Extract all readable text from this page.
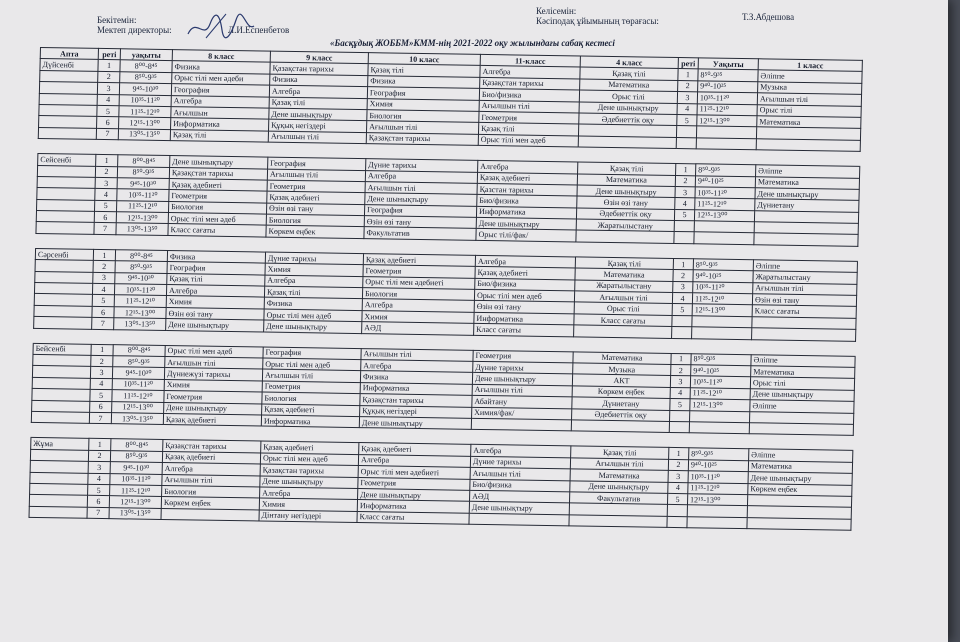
Бекітемін:
Мектеп директоры:	Л.И.Еспенбетов
Келісемін:
Кәсіподақ ұйымының төрағасы:	Т.З.Абдешова
«Басқұдық ЖОББМ»КММ-нің 2021-2022 оқу жылындағы сабақ кестесі
Апта	реті	уақыты	8 класс	9 класс	10 класс	11-класс	4 класс	реті	Уақыты	1 класс
Дүйсенбі	1	8⁰⁰-8⁴⁵	Физика	Қазақстан тарихы	Қазақ тілі	Алгебра	Қазақ тілі	1	8⁵⁰-9³⁵	Әліппе
	2	8⁵⁰-9³⁵	Орыс тілі мен әдеби	Физика	Физика	Қазақстан тарихы	Математика	2	9⁴⁰-10²⁵	Музыка
	3	9⁴⁵-10³⁰	География	Алгебра	География	Био/физика	Орыс тілі	3	10³⁵-11²⁰	Ағылшын тілі
	4	10³⁵-11²⁰	Алгебра	Қазақ тілі	Химия	Ағылшын тілі	Дене шынықтыру	4	11²⁵-12¹⁰	Орыс тілі
	5	11²⁵-12¹⁰	Ағылшын	Дене шынықтыру	Биология	Геометрия	Әдебиеттік оқу	5	12¹⁵-13⁰⁰	Математика
	6	12¹⁵-13⁰⁰	Информатика	Құқық негіздері	Ағылшын тілі	Қазақ тілі				
	7	13⁰⁵-13⁵⁰	Қазақ тілі	Ағылшын тілі	Қазақстан тарихы	Орыс тілі мен әдеб				

Сейсенбі	1	8⁰⁰-8⁴⁵	Дене шынықтыру	География	Дүние тарихы	Алгебра	Қазақ тілі	1	8⁵⁰-9³⁵	Әліппе
	2	8⁵⁰-9³⁵	Қазақстан тарихы	Ағылшын тілі	Алгебра	Қазақ әдебиеті	Математика	2	9⁴⁰-10²⁵	Математика
	3	9⁴⁵-10³⁰	Қазақ әдебиеті	Геометрия	Ағылшын тілі	Қазстан тарихы	Дене шынықтыру	3	10³⁵-11²⁰	Дене шынықтыру
	4	10³⁵-11²⁰	Геометрия	Қазақ әдебиеті	Дене шынықтыру	Био/физика	Өзін өзі тану	4	11²⁵-12¹⁰	Дүниетану
	5	11²⁵-12¹⁰	Биология	Өзін өзі тану	География	Информатика	Әдебиеттік оқу	5	12¹⁵-13⁰⁰	
	6	12¹⁵-13⁰⁰	Орыс тілі мен әдеб	Биология	Өзін өзі тану	Дене шынықтыру	Жаратылыстану			
	7	13⁰⁵-13⁵⁰	Класс сағаты	Көркем еңбек	Факультатив	Орыс тілі/фак/				

Сәрсенбі	1	8⁰⁰-8⁴⁵	Физика	Дүние тарихы	Қазақ әдебиеті	Алгебра	Қазақ тілі	1	8⁵⁰-9³⁵	Әліппе
	2	8⁵⁰-9³⁵	География	Химия	Геометрия	Қазақ әдебиеті	Математика	2	9⁴⁰-10²⁵	Жаратылыстану
	3	9⁴⁵-10³⁰	Қазақ тілі	Алгебра	Орыс тілі мен әдебиеті	Био/физика	Жаратылыстану	3	10³⁵-11²⁰	Ағылшын тілі
	4	10³⁵-11²⁰	Алгебра	Қазақ тілі	Биология	Орыс тілі мен әдеб	Ағылшын тілі	4	11²⁵-12¹⁰	Өзін өзі тану
	5	11²⁵-12¹⁰	Химия	Физика	Алгебра	Өзін өзі тану	Орыс тілі	5	12¹⁵-13⁰⁰	Класс сағаты
	6	12¹⁵-13⁰⁰	Өзін өзі тану	Орыс тілі мен әдеб	Химия	Информатика	Класс сағаты			
	7	13⁰⁵-13⁵⁰	Дене шынықтыру	Дене шынықтыру	АӘД	Класс сағаты				

Бейсенбі	1	8⁰⁰-8⁴⁵	Орыс тілі мен әдеб	География	Ағылшын тілі	Геометрия	Математика	1	8⁵⁰-9³⁵	Әліппе
	2	8⁵⁰-9³⁵	Ағылшын тілі	Орыс тілі мен әдеб	Алгебра	Дүние тарихы	Музыка	2	9⁴⁰-10²⁵	Математика
	3	9⁴⁵-10³⁰	Дүниежүзі тарихы	Ағылшын тілі	Физика	Дене шынықтыру	АКТ	3	10³⁵-11²⁰	Орыс тілі
	4	10³⁵-11²⁰	Химия	Геометрия	Информатика	Ағылшын тілі	Көркем еңбек	4	11²⁵-12¹⁰	Дене шынықтыру
	5	11²⁵-12¹⁰	Геометрия	Биология	Қазақстан тарихы	Абайтану	Дүниетану	5	12¹⁵-13⁰⁰	Әліппе
	6	12¹⁵-13⁰⁰	Дене шынықтыру	Қазақ әдебиеті	Құқық негіздері	Химия/фак/	Әдебиеттік оқу			
	7	13⁰⁵-13⁵⁰	Қазақ әдебиеті	Информатика	Дене шынықтыру					

Жұма	1	8⁰⁰-8⁴⁵	Қазақстан тарихы	Қазақ әдебиеті	Қазақ әдебиеті	Алгебра	Қазақ тілі	1	8⁵⁰-9³⁵	Әліппе
	2	8⁵⁰-9³⁵	Қазақ әдебиеті	Орыс тілі мен әдеб	Алгебра	Дүние тарихы	Ағылшын тілі	2	9⁴⁰-10²⁵	Математика
	3	9⁴⁵-10³⁰	Алгебра	Қазақстан тарихы	Орыс тілі мен әдебиеті	Ағылшын тілі	Математика	3	10³⁵-11²⁰	Дене шынықтыру
	4	10³⁵-11²⁰	Ағылшын тілі	Дене шынықтыру	Геометрия	Био/физика	Дене шынықтыру	4	11²⁵-12¹⁰	Көркем еңбек
	5	11²⁵-12¹⁰	Биология	Алгебра	Дене шынықтыру	АӘД	Факультатив	5	12¹⁵-13⁰⁰	
	6	12¹⁵-13⁰⁰	Көркем еңбек	Химия	Информатика	Дене шынықтыру				
	7	13⁰⁵-13⁵⁰		Дінтану негіздері	Класс сағаты					
